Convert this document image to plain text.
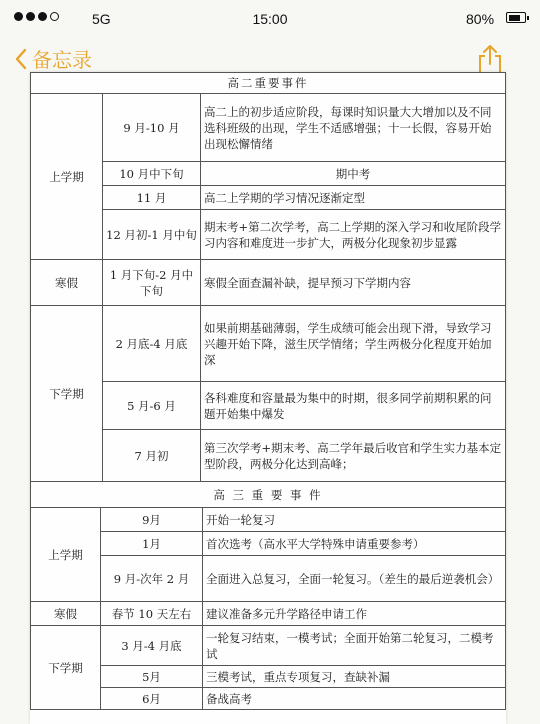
5G	15:00	80%
备忘录
高二重要事件		
上学期	9 月-10 月	高二上的初步适应阶段，每课时知识量大大增加以及不同选科班级的出现，学生不适感增强；十一长假，容易开始出现松懈情绪
	10 月中下旬	期中考
	11 月	高二上学期的学习情况逐渐定型
	12 月初-1 月中旬	期末考+第二次学考，高二上学期的深入学习和收尾阶段学习内容和难度进一步扩大，两极分化现象初步显露
寒假	1 月下旬-2 月中下旬	寒假全面查漏补缺，提早预习下学期内容
下学期	2 月底-4 月底	如果前期基础薄弱，学生成绩可能会出现下滑，导致学习兴趣开始下降，滋生厌学情绪；学生两极分化程度开始加深
	5 月-6 月	各科难度和容量最为集中的时期，很多同学前期积累的问题开始集中爆发
	7 月初	第三次学考+期末考、高二学年最后收官和学生实力基本定型阶段，两极分化达到高峰；
高 三 重 要 事 件		
上学期	9月	开始一轮复习
	1月	首次选考（高水平大学特殊申请重要参考）
	9 月-次年 2 月	全面进入总复习，全面一轮复习。（差生的最后逆袭机会）
寒假	春节 10 天左右	建议准备多元升学路径申请工作
下学期	3 月-4 月底	一轮复习结束，一模考试；全面开始第二轮复习，二模考试
	5月	三模考试，重点专项复习，查缺补漏
	6月	备战高考
